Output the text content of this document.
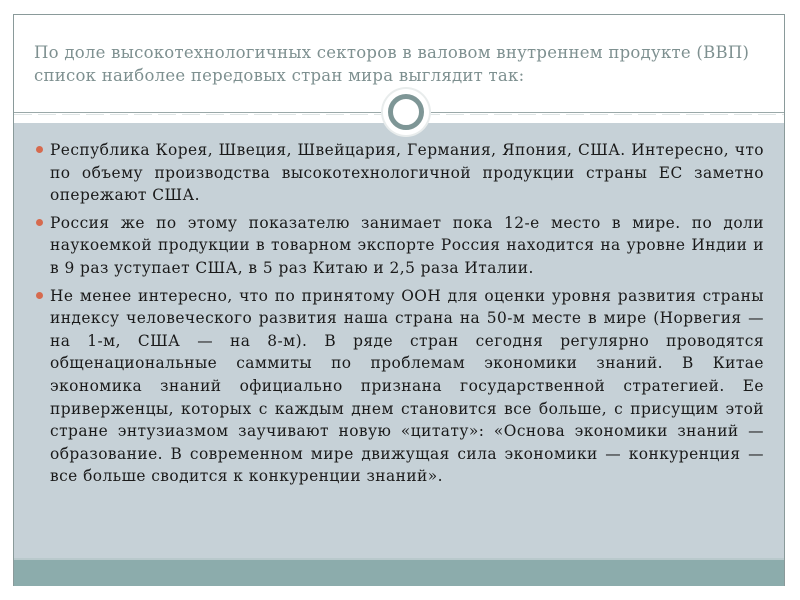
По доле высокотехнологичных секторов в валовом внутреннем продукте (ВВП) список наиболее передовых стран мира выглядит так:
Республика Корея, Швеция, Швейцария, Германия, Япония, США. Интересно, что по объему производства высокотехнологичной продукции страны ЕС заметно опережают США.
Россия же по этому показателю занимает пока 12-е место в мире. по доли наукоемкой продукции в товарном экспорте Россия находится на уровне Индии и в 9 раз уступает США, в 5 раз Китаю и 2,5 раза Италии.
Не менее интересно, что по принятому ООН для оценки уровня развития страны индексу человеческого развития наша страна на 50-м месте в мире (Норвегия — на 1-м, США — на 8-м). В ряде стран сегодня регулярно проводятся общенациональные саммиты по проблемам экономики знаний. В Китае экономика знаний официально признана государственной стратегией. Ее приверженцы, которых с каждым днем становится все больше, с присущим этой стране энтузиазмом заучивают новую «цитату»: «Основа экономики знаний — образование. В современном мире движущая сила экономики — конкуренция — все больше сводится к конкуренции знаний».
